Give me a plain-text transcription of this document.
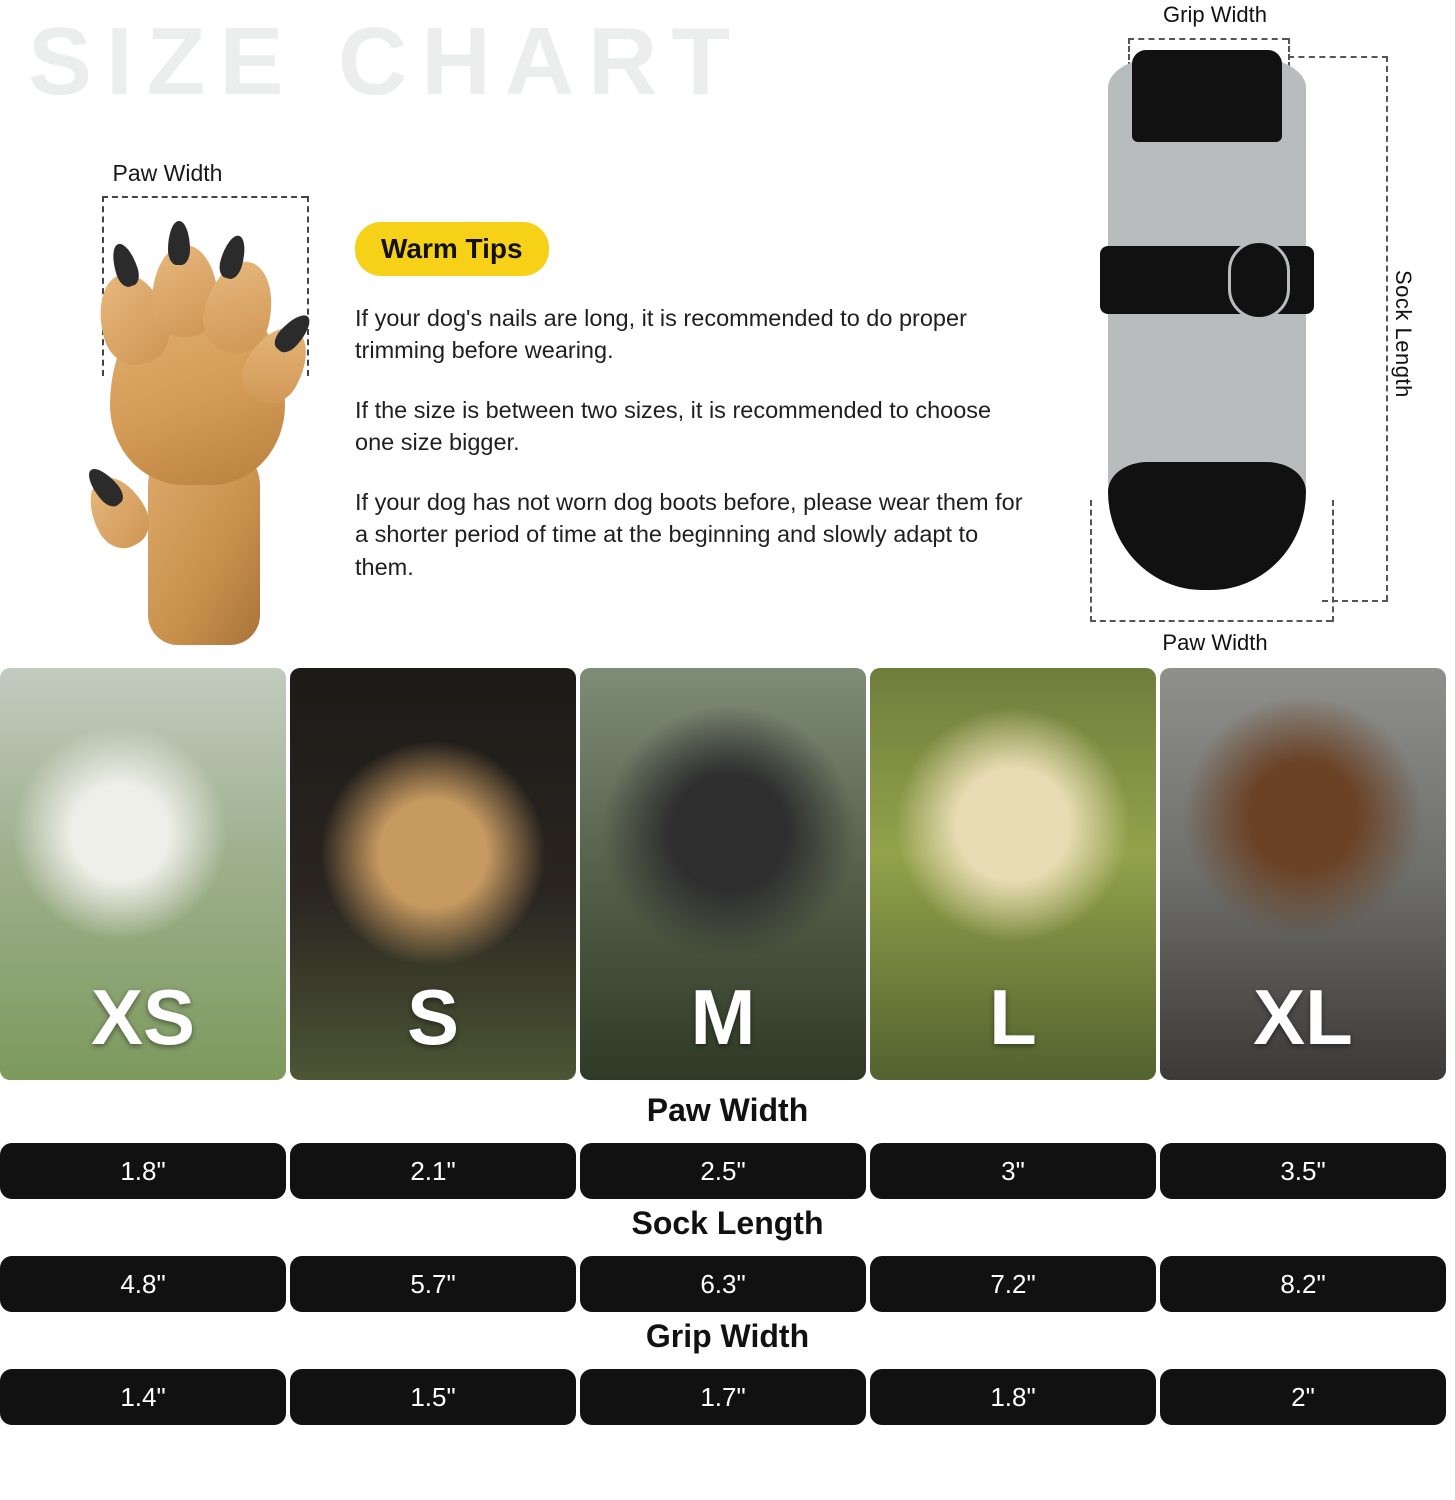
SIZE CHART
Paw Width
Warm Tips

If your dog's nails are long, it is recommended to do proper trimming before wearing.

If the size is between two sizes, it is recommended to choose one size bigger.

If your dog has not worn dog boots before, please wear them for a shorter period of time at the beginning and slowly adapt to them.

Grip Width
Sock Length
Paw Width
XS	S	M	L	XL
Paw Width
1.8"	2.1"	2.5"	3"	3.5"
Sock Length
4.8"	5.7"	6.3"	7.2"	8.2"
Grip Width
1.4"	1.5"	1.7"	1.8"	2"
